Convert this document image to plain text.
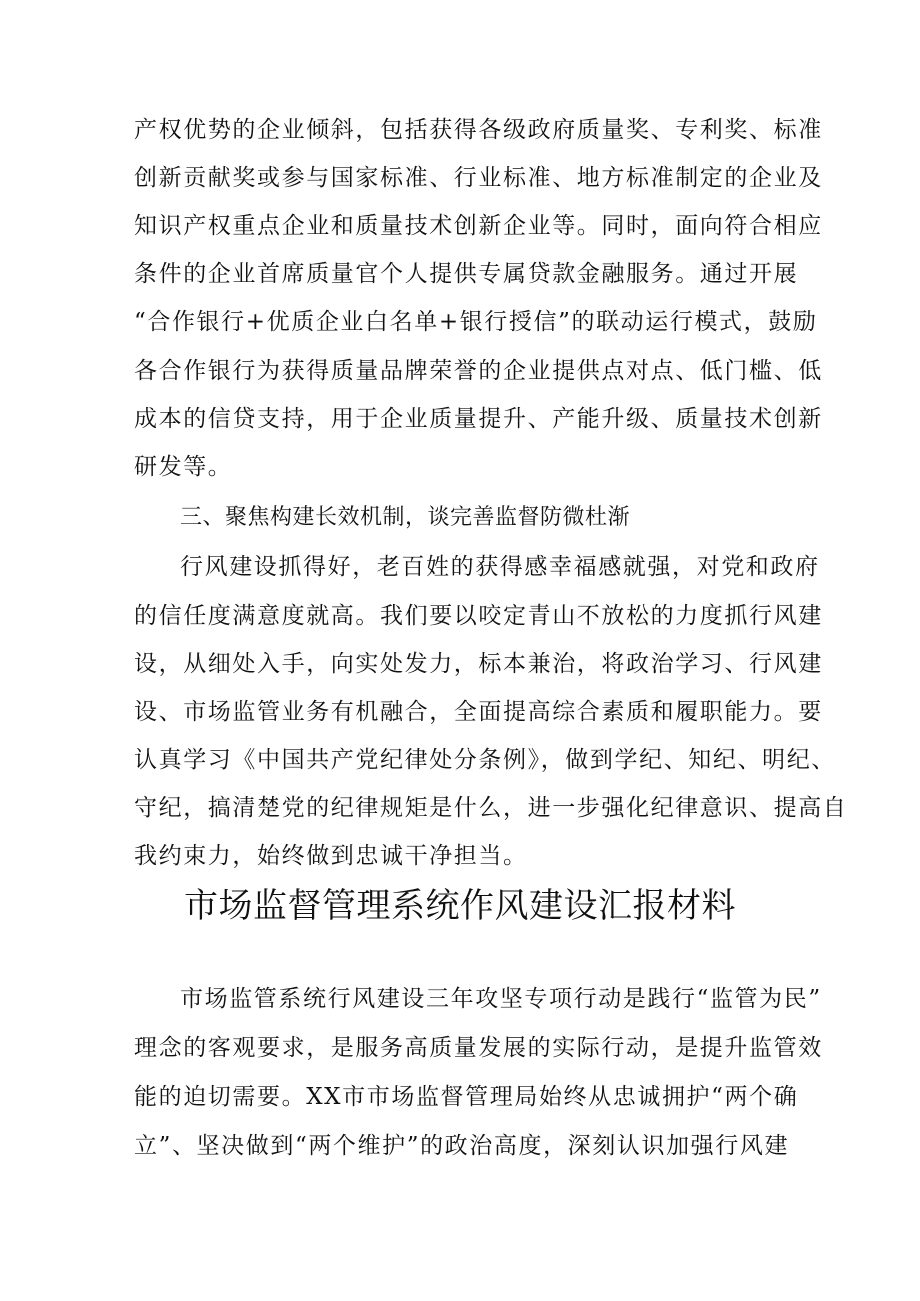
产权优势的企业倾斜，包括获得各级政府质量奖、专利奖、标准
创新贡献奖或参与国家标准、行业标准、地方标准制定的企业及
知识产权重点企业和质量技术创新企业等。同时，面向符合相应
条件的企业首席质量官个人提供专属贷款金融服务。通过开展
“合作银行+优质企业白名单+银行授信”的联动运行模式，鼓励
各合作银行为获得质量品牌荣誉的企业提供点对点、低门槛、低
成本的信贷支持，用于企业质量提升、产能升级、质量技术创新
研发等。
三、聚焦构建长效机制，谈完善监督防微杜渐
行风建设抓得好，老百姓的获得感幸福感就强，对党和政府
的信任度满意度就高。我们要以咬定青山不放松的力度抓行风建
设，从细处入手，向实处发力，标本兼治，将政治学习、行风建
设、市场监管业务有机融合，全面提高综合素质和履职能力。要
认真学习《中国共产党纪律处分条例》，做到学纪、知纪、明纪、
守纪，搞清楚党的纪律规矩是什么，进一步强化纪律意识、提高自
我约束力，始终做到忠诚干净担当。
市场监督管理系统作风建设汇报材料
市场监管系统行风建设三年攻坚专项行动是践行“监管为民”
理念的客观要求，是服务高质量发展的实际行动，是提升监管效
能的迫切需要。XX市市场监督管理局始终从忠诚拥护“两个确
立”、坚决做到“两个维护”的政治高度，深刻认识加强行风建
